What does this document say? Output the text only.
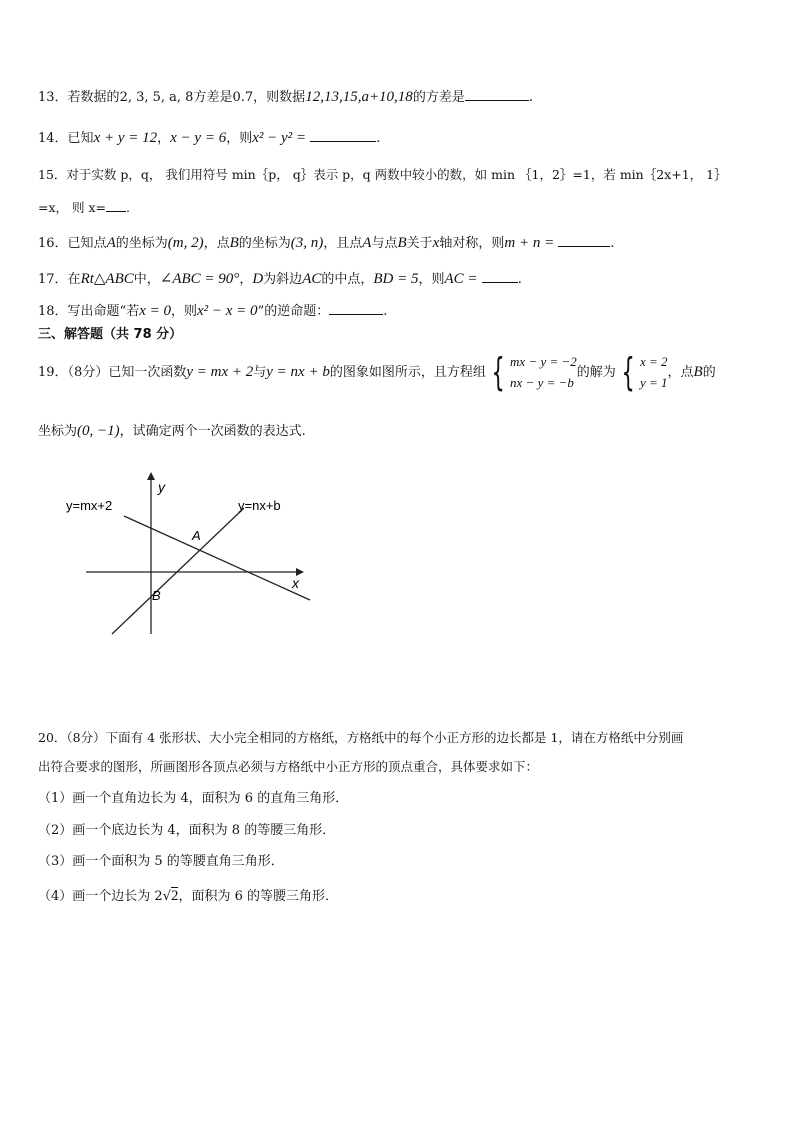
13．若数据的2, 3, 5, a, 8方差是0.7，则数据12,13,15,a+10,18的方差是	.
14．已知x + y = 12，x − y = 6，则x² − y² =	.
15．对于实数 p，q， 我们用符号 min｛p， q｝表示 p，q 两数中较小的数，如 min ｛1，2｝=1，若 min｛2x+1， 1｝
=x， 则 x= .
16．已知点A的坐标为(m, 2)，点B的坐标为(3, n)，且点A与点B关于x轴对称，则m + n =	.
17．在Rt△ABC中，∠ABC = 90°，D为斜边AC的中点，BD = 5，则AC =	.
18．写出命题“若x = 0，则x² − x = 0”的逆命题：	.
三、解答题（共 78 分）
19．（8分）已知一次函数y = mx + 2与y = nx + b的图象如图所示，且方程组 { mx − y = −2
nx − y = −b
的解为 { x = 2
y = 1
，点B的
坐标为(0, −1)，试确定两个一次函数的表达式.
y
x
y=mx+2	y=nx+b
A
B
20．（8分）下面有 4 张形状、大小完全相同的方格纸，方格纸中的每个小正方形的边长都是 1，请在方格纸中分别画
出符合要求的图形，所画图形各顶点必须与方格纸中小正方形的顶点重合，具体要求如下：
（1）画一个直角边长为 4，面积为 6 的直角三角形．
（2）画一个底边长为 4，面积为 8 的等腰三角形．
（3）画一个面积为 5 的等腰直角三角形．
（4）画一个边长为 2√2，面积为 6 的等腰三角形．
